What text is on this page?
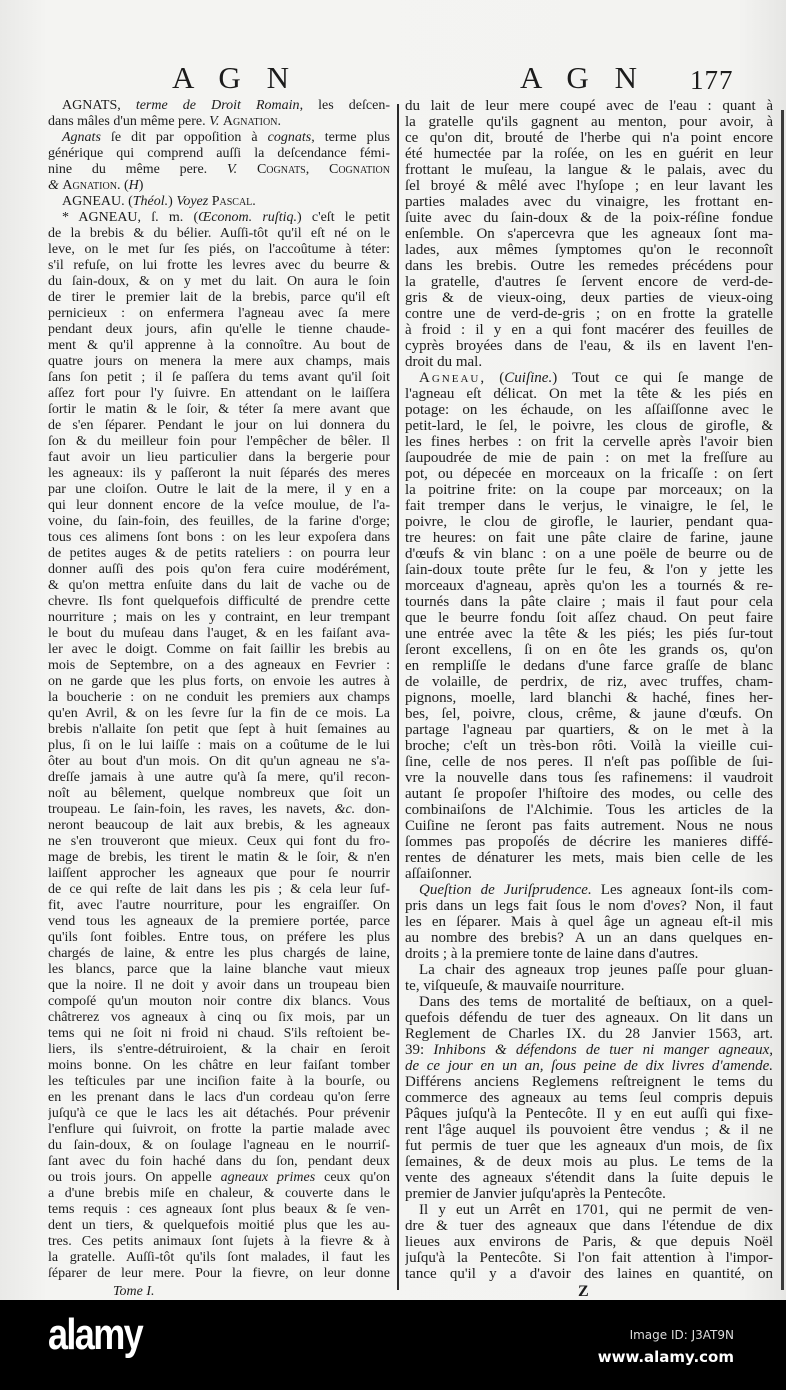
A G N	A G N 177
AGNATS, terme de Droit Romain, les deſcen-
dans mâles d'un même pere. V. Agnation.
Agnats ſe dit par oppoſition à cognats, terme plus
générique qui comprend auſſi la deſcendance fémi-
nine du même pere. V. Cognats, Cognation
& Agnation. (H)
AGNEAU. (Théol.) Voyez Pascal.
* AGNEAU, ſ. m. (Œconom. ruſtiq.) c'eſt le petit
de la brebis & du bélier. Auſſi-tôt qu'il eſt né on le
leve, on le met ſur ſes piés, on l'accoûtume à téter:
s'il refuſe, on lui frotte les levres avec du beurre &
du ſain-doux, & on y met du lait. On aura le ſoin
de tirer le premier lait de la brebis, parce qu'il eſt
pernicieux : on enfermera l'agneau avec ſa mere
pendant deux jours, afin qu'elle le tienne chaude-
ment & qu'il apprenne à la connoître. Au bout de
quatre jours on menera la mere aux champs, mais
ſans ſon petit ; il ſe paſſera du tems avant qu'il ſoit
aſſez fort pour l'y ſuivre. En attendant on le laiſſera
ſortir le matin & le ſoir, & téter ſa mere avant que
de s'en ſéparer. Pendant le jour on lui donnera du
ſon & du meilleur foin pour l'empêcher de bêler. Il
faut avoir un lieu particulier dans la bergerie pour
les agneaux: ils y paſſeront la nuit ſéparés des meres
par une cloiſon. Outre le lait de la mere, il y en a
qui leur donnent encore de la veſce moulue, de l'a-
voine, du ſain-foin, des feuilles, de la farine d'orge;
tous ces alimens ſont bons : on les leur expoſera dans
de petites auges & de petits rateliers : on pourra leur
donner auſſi des pois qu'on fera cuire modérément,
& qu'on mettra enſuite dans du lait de vache ou de
chevre. Ils font quelquefois difficulté de prendre cette
nourriture ; mais on les y contraint, en leur trempant
le bout du muſeau dans l'auget, & en les faiſant ava-
ler avec le doigt. Comme on fait ſaillir les brebis au
mois de Septembre, on a des agneaux en Fevrier :
on ne garde que les plus forts, on envoie les autres à
la boucherie : on ne conduit les premiers aux champs
qu'en Avril, & on les ſevre ſur la fin de ce mois. La
brebis n'allaite ſon petit que ſept à huit ſemaines au
plus, ſi on le lui laiſſe : mais on a coûtume de le lui
ôter au bout d'un mois. On dit qu'un agneau ne s'a-
dreſſe jamais à une autre qu'à ſa mere, qu'il recon-
noît au bêlement, quelque nombreux que ſoit un
troupeau. Le ſain-foin, les raves, les navets, &c. don-
neront beaucoup de lait aux brebis, & les agneaux
ne s'en trouveront que mieux. Ceux qui font du fro-
mage de brebis, les tirent le matin & le ſoir, & n'en
laiſſent approcher les agneaux que pour ſe nourrir
de ce qui reſte de lait dans les pis ; & cela leur ſuf-
fit, avec l'autre nourriture, pour les engraiſſer. On
vend tous les agneaux de la premiere portée, parce
qu'ils ſont foibles. Entre tous, on préfere les plus
chargés de laine, & entre les plus chargés de laine,
les blancs, parce que la laine blanche vaut mieux
que la noire. Il ne doit y avoir dans un troupeau bien
compoſé qu'un mouton noir contre dix blancs. Vous
châtrerez vos agneaux à cinq ou ſix mois, par un
tems qui ne ſoit ni froid ni chaud. S'ils reſtoient be-
liers, ils s'entre-détruiroient, & la chair en ſeroit
moins bonne. On les châtre en leur faiſant tomber
les teſticules par une inciſion faite à la bourſe, ou
en les prenant dans le lacs d'un cordeau qu'on ſerre
juſqu'à ce que le lacs les ait détachés. Pour prévenir
l'enflure qui ſuivroit, on frotte la partie malade avec
du ſain-doux, & on ſoulage l'agneau en le nourriſ-
ſant avec du foin haché dans du ſon, pendant deux
ou trois jours. On appelle agneaux primes ceux qu'on
a d'une brebis miſe en chaleur, & couverte dans le
tems requis : ces agneaux ſont plus beaux & ſe ven-
dent un tiers, & quelquefois moitié plus que les au-
tres. Ces petits animaux ſont ſujets à la fievre & à
la gratelle. Auſſi-tôt qu'ils ſont malades, il faut les
ſéparer de leur mere. Pour la fievre, on leur donne
du lait de leur mere coupé avec de l'eau : quant à
la gratelle qu'ils gagnent au menton, pour avoir, à
ce qu'on dit, brouté de l'herbe qui n'a point encore
été humectée par la roſée, on les en guérit en leur
frottant le muſeau, la langue & le palais, avec du
ſel broyé & mêlé avec l'hyſope ; en leur lavant les
parties malades avec du vinaigre, les frottant en-
ſuite avec du ſain-doux & de la poix-réſine fondue
enſemble. On s'apercevra que les agneaux ſont ma-
lades, aux mêmes ſymptomes qu'on le reconnoît
dans les brebis. Outre les remedes précédens pour
la gratelle, d'autres ſe ſervent encore de verd-de-
gris & de vieux-oing, deux parties de vieux-oing
contre une de verd-de-gris ; on en frotte la gratelle
à froid : il y en a qui font macérer des feuilles de
cyprès broyées dans de l'eau, & ils en lavent l'en-
droit du mal.
Agneau, (Cuiſine.) Tout ce qui ſe mange de
l'agneau eſt délicat. On met la tête & les piés en
potage: on les échaude, on les aſſaiſſonne avec le
petit-lard, le ſel, le poivre, les clous de girofle, &
les fines herbes : on frit la cervelle après l'avoir bien
ſaupoudrée de mie de pain : on met la freſſure au
pot, ou dépecée en morceaux on la fricaſſe : on ſert
la poitrine frite: on la coupe par morceaux; on la
fait tremper dans le verjus, le vinaigre, le ſel, le
poivre, le clou de girofle, le laurier, pendant qua-
tre heures: on fait une pâte claire de farine, jaune
d'œufs & vin blanc : on a une poële de beurre ou de
ſain-doux toute prête ſur le feu, & l'on y jette les
morceaux d'agneau, après qu'on les a tournés & re-
tournés dans la pâte claire ; mais il faut pour cela
que le beurre fondu ſoit aſſez chaud. On peut faire
une entrée avec la tête & les piés; les piés ſur-tout
ſeront excellens, ſi on en ôte les grands os, qu'on
en rempliſſe le dedans d'une farce graſſe de blanc
de volaille, de perdrix, de riz, avec truffes, cham-
pignons, moelle, lard blanchi & haché, fines her-
bes, ſel, poivre, clous, crême, & jaune d'œufs. On
partage l'agneau par quartiers, & on le met à la
broche; c'eſt un très-bon rôti. Voilà la vieille cui-
ſine, celle de nos peres. Il n'eſt pas poſſible de ſui-
vre la nouvelle dans tous ſes rafinemens: il vaudroit
autant ſe propoſer l'hiſtoire des modes, ou celle des
combinaiſons de l'Alchimie. Tous les articles de la
Cuiſine ne ſeront pas faits autrement. Nous ne nous
ſommes pas propoſés de décrire les manieres diffé-
rentes de dénaturer les mets, mais bien celle de les
aſſaiſonner.
Queſtion de Juriſprudence. Les agneaux ſont-ils com-
pris dans un legs fait ſous le nom d'oves? Non, il faut
les en ſéparer. Mais à quel âge un agneau eſt-il mis
au nombre des brebis? A un an dans quelques en-
droits ; à la premiere tonte de laine dans d'autres.
La chair des agneaux trop jeunes paſſe pour gluan-
te, viſqueuſe, & mauvaiſe nourriture.
Dans des tems de mortalité de beſtiaux, on a quel-
quefois défendu de tuer des agneaux. On lit dans un
Reglement de Charles IX. du 28 Janvier 1563, art.
39: Inhibons & défendons de tuer ni manger agneaux,
de ce jour en un an, ſous peine de dix livres d'amende.
Différens anciens Reglemens reſtreignent le tems du
commerce des agneaux au tems ſeul compris depuis
Pâques juſqu'à la Pentecôte. Il y en eut auſſi qui fixe-
rent l'âge auquel ils pouvoient être vendus ; & il ne
fut permis de tuer que les agneaux d'un mois, de ſix
ſemaines, & de deux mois au plus. Le tems de la
vente des agneaux s'étendit dans la ſuite depuis le
premier de Janvier juſqu'après la Pentecôte.
Il y eut un Arrêt en 1701, qui ne permit de ven-
dre & tuer des agneaux que dans l'étendue de dix
lieues aux environs de Paris, & que depuis Noël
juſqu'à la Pentecôte. Si l'on fait attention à l'impor-
tance qu'il y a d'avoir des laines en quantité, on
Tome I.	Z
alamy	Image ID: J3AT9N
www.alamy.com
